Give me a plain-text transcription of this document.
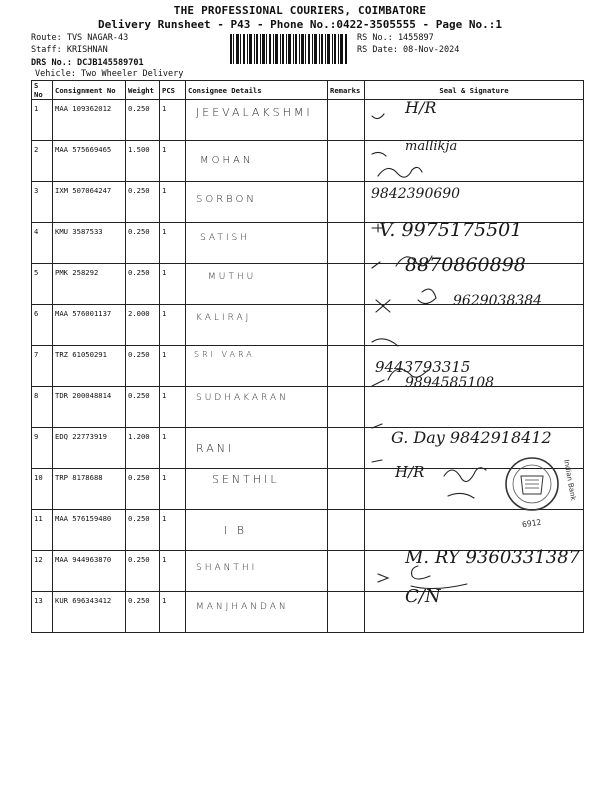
THE PROFESSIONAL COURIERS, COIMBATORE
Delivery Runsheet - P43 - Phone No.:0422-3505555 - Page No.:1
Route: TVS NAGAR-43
Staff: KRISHNAN
DRS No.: DCJB145589701
Vehicle: Two Wheeler Delivery
RS No.: 1455897
RS Date: 08-Nov-2024
S No	Consignment No	Weight	PCS	Consignee Details	Remarks	Seal & Signature
1	MAA 109362012	0.250	1	JEEVALAKSHMI		H/R

2	MAA 575669465	1.500	1	MOHAN		mallikja

3	IXM 507064247	0.250	1	SORBON		9842390690

4	KMU 3587533	0.250	1	SATISH		V. 9975175501

5	PMK 258292	0.250	1	MUTHU		8870860898

6	MAA 576001137	2.000	1	KALIRAJ		9629038384

7	TRZ 61050291	0.250	1	SRI VARA		9443793315

8	TDR 200048814	0.250	1	SUDHAKARAN		9894585108

9	EDQ 22773919	1.200	1	RANI		G. Day 9842918412

10	TRP 8178688	0.250	1	SENTHIL		H/R

11	MAA 576159480	0.250	1	I B		

12	MAA 944963870	0.250	1	SHANTHI		M. RY 9360331387

13	KUR 696343412	0.250	1	MANJHANDAN		C/N
6912
Indian Bank
